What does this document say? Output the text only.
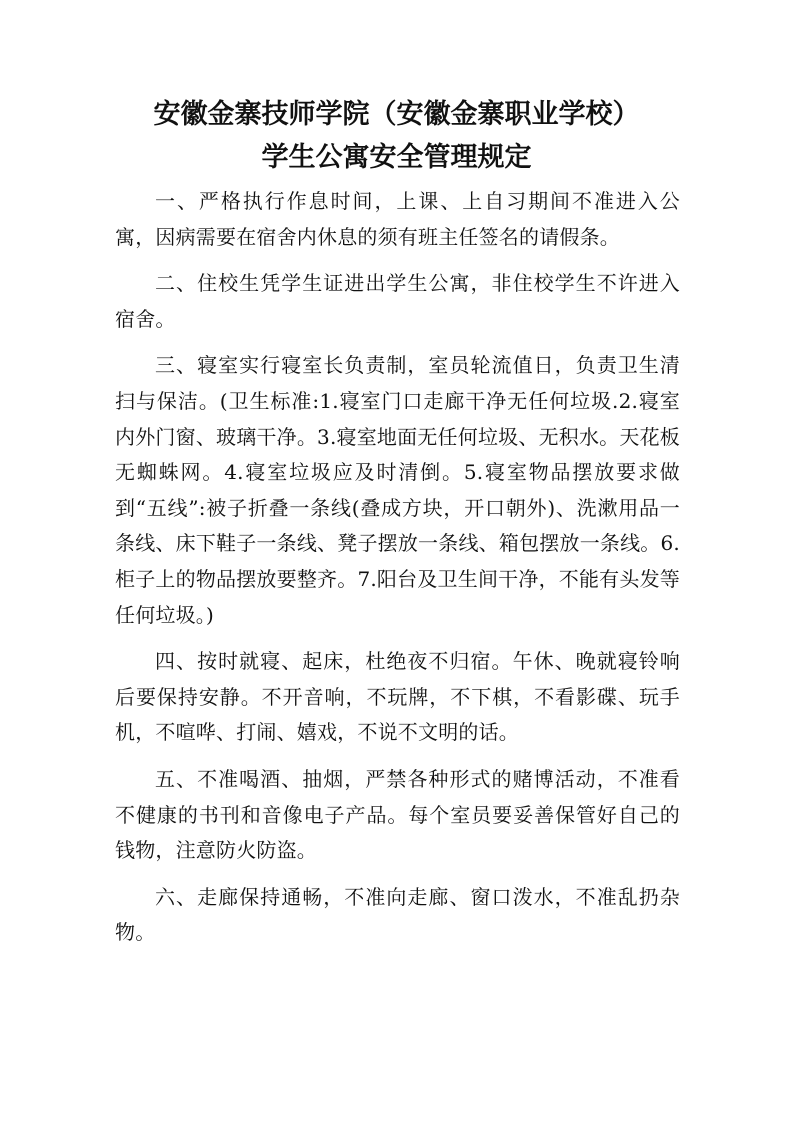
安徽金寨技师学院（安徽金寨职业学校）
学生公寓安全管理规定

一、严格执行作息时间，上课、上自习期间不准进入公寓，因病需要在宿舍内休息的须有班主任签名的请假条。

二、住校生凭学生证进出学生公寓，非住校学生不许进入宿舍。

三、寝室实行寝室长负责制，室员轮流值日，负责卫生清扫与保洁。(卫生标准:1.寝室门口走廊干净无任何垃圾.2.寝室内外门窗、玻璃干净。3.寝室地面无任何垃圾、无积水。天花板无蜘蛛网。4.寝室垃圾应及时清倒。5.寝室物品摆放要求做到“五线”:被子折叠一条线(叠成方块，开口朝外)、洗漱用品一条线、床下鞋子一条线、凳子摆放一条线、箱包摆放一条线。6.柜子上的物品摆放要整齐。7.阳台及卫生间干净，不能有头发等任何垃圾。)

四、按时就寝、起床，杜绝夜不归宿。午休、晚就寝铃响后要保持安静。不开音响，不玩牌，不下棋，不看影碟、玩手机，不喧哗、打闹、嬉戏，不说不文明的话。

五、不准喝酒、抽烟，严禁各种形式的赌博活动，不准看不健康的书刊和音像电子产品。每个室员要妥善保管好自己的钱物，注意防火防盗。

六、走廊保持通畅，不准向走廊、窗口泼水，不准乱扔杂物。
